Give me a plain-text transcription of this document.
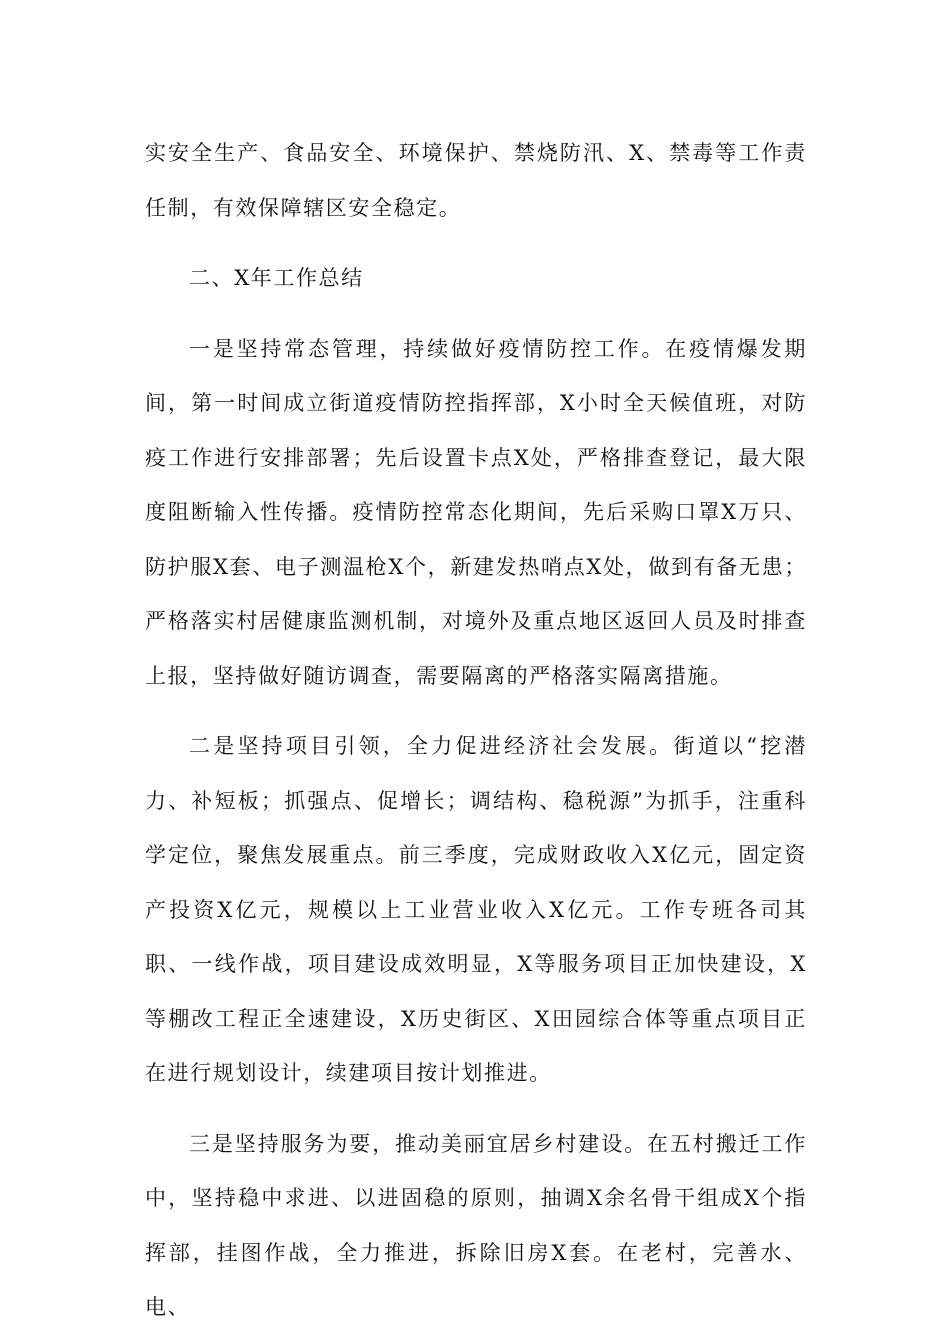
实安全生产、食品安全、环境保护、禁烧防汛、X、禁毒等工作责任制，有效保障辖区安全稳定。

二、X年工作总结

一是坚持常态管理，持续做好疫情防控工作。在疫情爆发期间，第一时间成立街道疫情防控指挥部，X小时全天候值班，对防疫工作进行安排部署；先后设置卡点X处，严格排查登记，最大限度阻断输入性传播。疫情防控常态化期间，先后采购口罩X万只、防护服X套、电子测温枪X个，新建发热哨点X处，做到有备无患；严格落实村居健康监测机制，对境外及重点地区返回人员及时排查上报，坚持做好随访调查，需要隔离的严格落实隔离措施。

二是坚持项目引领，全力促进经济社会发展。街道以“挖潜力、补短板；抓强点、促增长；调结构、稳税源”为抓手，注重科学定位，聚焦发展重点。前三季度，完成财政收入X亿元，固定资产投资X亿元，规模以上工业营业收入X亿元。工作专班各司其职、一线作战，项目建设成效明显，X等服务项目正加快建设，X等棚改工程正全速建设，X历史街区、X田园综合体等重点项目正在进行规划设计，续建项目按计划推进。

三是坚持服务为要，推动美丽宜居乡村建设。在五村搬迁工作中，坚持稳中求进、以进固稳的原则，抽调X余名骨干组成X个指挥部，挂图作战，全力推进，拆除旧房X套。在老村，完善水、电、
